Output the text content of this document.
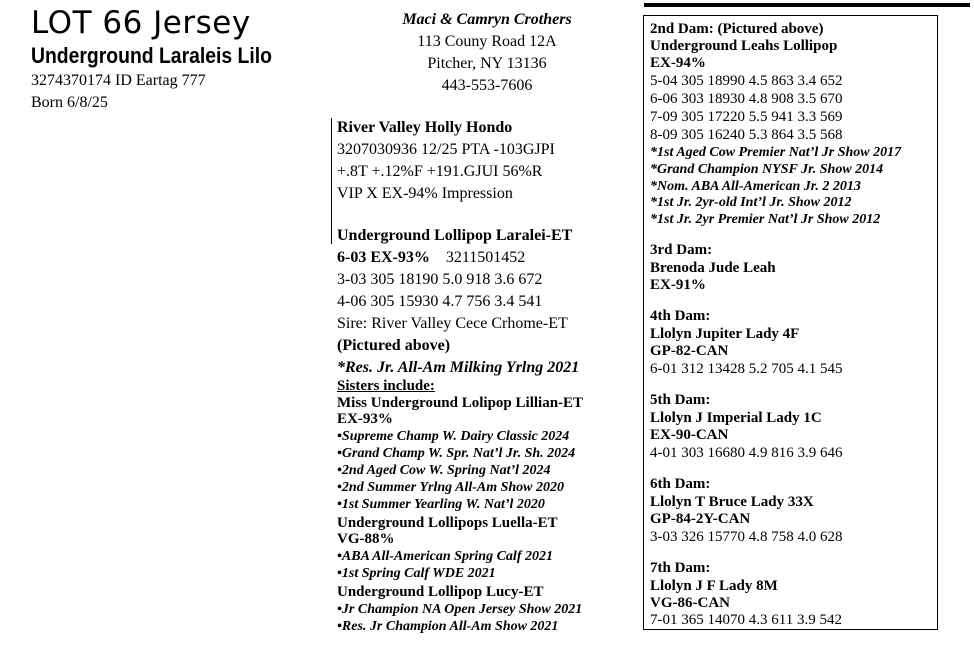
LOT 66 Jersey
Underground Laraleis Lilo
3274370174 ID Eartag 777
Born 6/8/25
Maci & Camryn Crothers
113 Couny Road 12A
Pitcher, NY 13136
443-553-7606
River Valley Holly Hondo
3207030936 12/25 PTA -103GJPI
+.8T +.12%F +191.GJUI 56%R
VIP X EX-94% Impression
Underground Lollipop Laralei-ET
6-03 EX-93% 3211501452
3-03 305 18190 5.0 918 3.6 672
4-06 305 15930 4.7 756 3.4 541
Sire: River Valley Cece Crhome-ET
(Pictured above)
*Res. Jr. All-Am Milking Yrlng 2021
Sisters include:
Miss Underground Lolipop Lillian-ET
EX-93%
•Supreme Champ W. Dairy Classic 2024
•Grand Champ W. Spr. Nat’l Jr. Sh. 2024
•2nd Aged Cow W. Spring Nat’l 2024
•2nd Summer Yrlng All-Am Show 2020
•1st Summer Yearling W. Nat’l 2020
Underground Lollipops Luella-ET
VG-88%
•ABA All-American Spring Calf 2021
•1st Spring Calf WDE 2021
Underground Lollipop Lucy-ET
•Jr Champion NA Open Jersey Show 2021
•Res. Jr Champion All-Am Show 2021
2nd Dam: (Pictured above)
Underground Leahs Lollipop
EX-94%
5-04 305 18990 4.5 863 3.4 652
6-06 303 18930 4.8 908 3.5 670
7-09 305 17220 5.5 941 3.3 569
8-09 305 16240 5.3 864 3.5 568
*1st Aged Cow Premier Nat’l Jr Show 2017
*Grand Champion NYSF Jr. Show 2014
*Nom. ABA All-American Jr. 2 2013
*1st Jr. 2yr-old Int’l Jr. Show 2012
*1st Jr. 2yr Premier Nat’l Jr Show 2012
3rd Dam:
Brenoda Jude Leah
EX-91%
4th Dam:
Llolyn Jupiter Lady 4F
GP-82-CAN
6-01 312 13428 5.2 705 4.1 545
5th Dam:
Llolyn J Imperial Lady 1C
EX-90-CAN
4-01 303 16680 4.9 816 3.9 646
6th Dam:
Llolyn T Bruce Lady 33X
GP-84-2Y-CAN
3-03 326 15770 4.8 758 4.0 628
7th Dam:
Llolyn J F Lady 8M
VG-86-CAN
7-01 365 14070 4.3 611 3.9 542
